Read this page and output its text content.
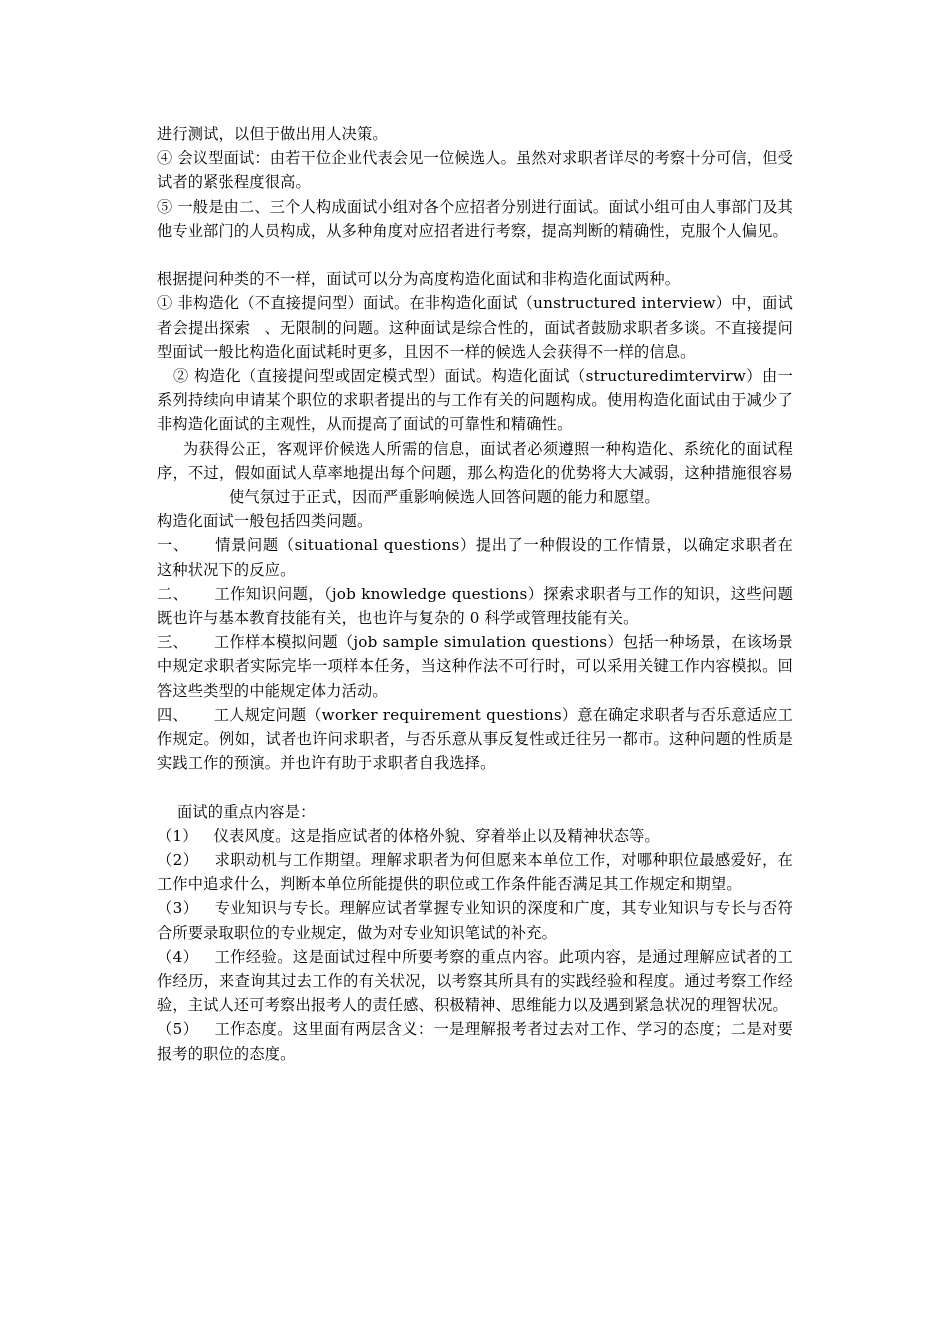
进行测试，以但于做出用人决策。

④ 会议型面试：由若干位企业代表会见一位候选人。虽然对求职者详尽的考察十分可信，但受试者的紧张程度很高。

⑤ 一般是由二、三个人构成面试小组对各个应招者分别进行面试。面试小组可由人事部门及其他专业部门的人员构成，从多种角度对应招者进行考察，提高判断的精确性，克服个人偏见。

根据提问种类的不一样，面试可以分为高度构造化面试和非构造化面试两种。

① 非构造化（不直接提问型）面试。在非构造化面试（unstructured interview）中，面试者会提出探索 、无限制的问题。这种面试是综合性的，面试者鼓励求职者多谈。不直接提问型面试一般比构造化面试耗时更多，且因不一样的候选人会获得不一样的信息。

② 构造化（直接提问型或固定模式型）面试。构造化面试（structuredimtervirw）由一系列持续向申请某个职位的求职者提出的与工作有关的问题构成。使用构造化面试由于减少了非构造化面试的主观性，从而提高了面试的可靠性和精确性。

为获得公正，客观评价候选人所需的信息，面试者必须遵照一种构造化、系统化的面试程序，不过，假如面试人草率地提出每个问题，那么构造化的优势将大大减弱，这种措施很容易使气氛过于正式，因而严重影响候选人回答问题的能力和愿望。

构造化面试一般包括四类问题。

一、 情景问题（situational questions）提出了一种假设的工作情景，以确定求职者在这种状况下的反应。

二、 工作知识问题，（job knowledge questions）探索求职者与工作的知识，这些问题既也许与基本教育技能有关，也也许与复杂的 0 科学或管理技能有关。

三、 工作样本模拟问题（job sample simulation questions）包括一种场景，在该场景中规定求职者实际完毕一项样本任务，当这种作法不可行时，可以采用关键工作内容模拟。回答这些类型的中能规定体力活动。

四、 工人规定问题（worker requirement questions）意在确定求职者与否乐意适应工作规定。例如，试者也许问求职者，与否乐意从事反复性或迁往另一都市。这种问题的性质是实践工作的预演。并也许有助于求职者自我选择。

面试的重点内容是：

（1） 仪表风度。这是指应试者的体格外貌、穿着举止以及精神状态等。

（2） 求职动机与工作期望。理解求职者为何但愿来本单位工作，对哪种职位最感爱好，在工作中追求什么，判断本单位所能提供的职位或工作条件能否满足其工作规定和期望。

（3） 专业知识与专长。理解应试者掌握专业知识的深度和广度，其专业知识与专长与否符合所要录取职位的专业规定，做为对专业知识笔试的补充。

（4） 工作经验。这是面试过程中所要考察的重点内容。此项内容，是通过理解应试者的工作经历，来查询其过去工作的有关状况，以考察其所具有的实践经验和程度。通过考察工作经验，主试人还可考察出报考人的责任感、积极精神、思维能力以及遇到紧急状况的理智状况。

（5） 工作态度。这里面有两层含义：一是理解报考者过去对工作、学习的态度；二是对要报考的职位的态度。
